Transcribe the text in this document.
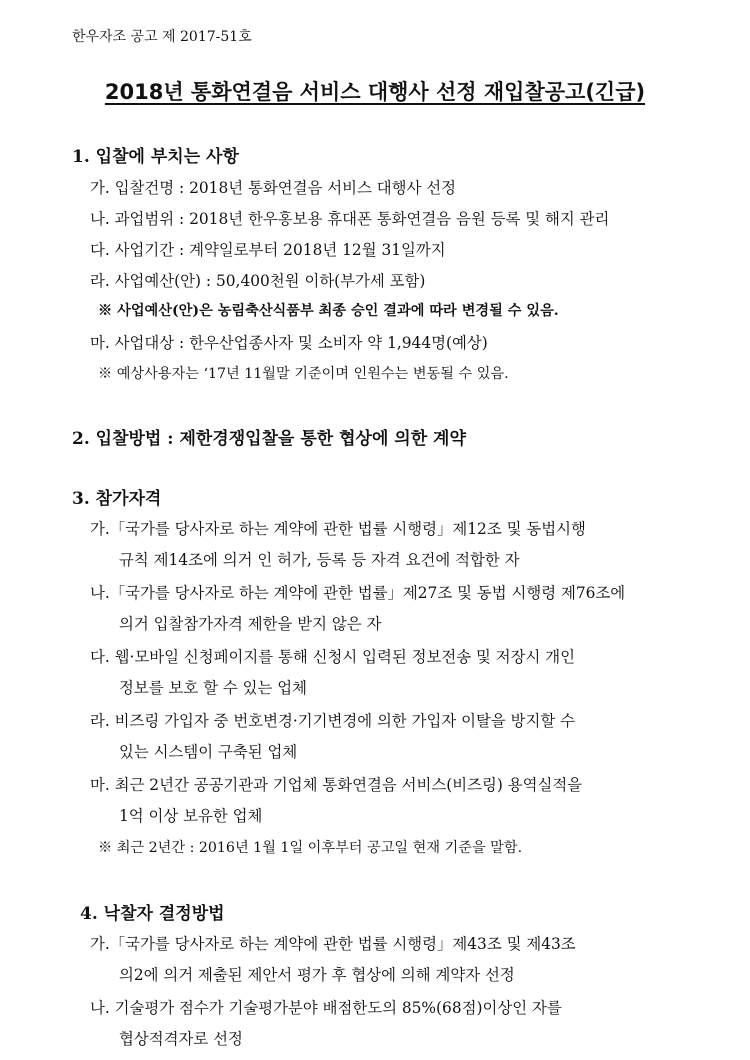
한우자조 공고 제 2017-51호
2018년 통화연결음 서비스 대행사 선정 재입찰공고(긴급)
1. 입찰에 부치는 사항
가. 입찰건명 : 2018년 통화연결음 서비스 대행사 선정
나. 과업범위 : 2018년 한우홍보용 휴대폰 통화연결음 음원 등록 및 해지 관리
다. 사업기간 : 계약일로부터 2018년 12월 31일까지
라. 사업예산(안) : 50,400천원 이하(부가세 포함)
※ 사업예산(안)은 농림축산식품부 최종 승인 결과에 따라 변경될 수 있음.
마. 사업대상 : 한우산업종사자 및 소비자 약 1,944명(예상)
※ 예상사용자는 ‘17년 11월말 기준이며 인원수는 변동될 수 있음.
2. 입찰방법 : 제한경쟁입찰을 통한 협상에 의한 계약
3. 참가자격
가.「국가를 당사자로 하는 계약에 관한 법률 시행령」제12조 및 동법시행
규칙 제14조에 의거 인 허가, 등록 등 자격 요건에 적합한 자
나.「국가를 당사자로 하는 계약에 관한 법률」제27조 및 동법 시행령 제76조에
의거 입찰참가자격 제한을 받지 않은 자
다. 웹·모바일 신청페이지를 통해 신청시 입력된 정보전송 및 저장시 개인
정보를 보호 할 수 있는 업체
라. 비즈링 가입자 중 번호변경·기기변경에 의한 가입자 이탈을 방지할 수
있는 시스템이 구축된 업체
마. 최근 2년간 공공기관과 기업체 통화연결음 서비스(비즈링) 용역실적을
1억 이상 보유한 업체
※ 최근 2년간 : 2016년 1월 1일 이후부터 공고일 현재 기준을 말함.
4. 낙찰자 결정방법
가.「국가를 당사자로 하는 계약에 관한 법률 시행령」제43조 및 제43조
의2에 의거 제출된 제안서 평가 후 협상에 의해 계약자 선정
나. 기술평가 점수가 기술평가분야 배점한도의 85%(68점)이상인 자를
협상적격자로 선정
